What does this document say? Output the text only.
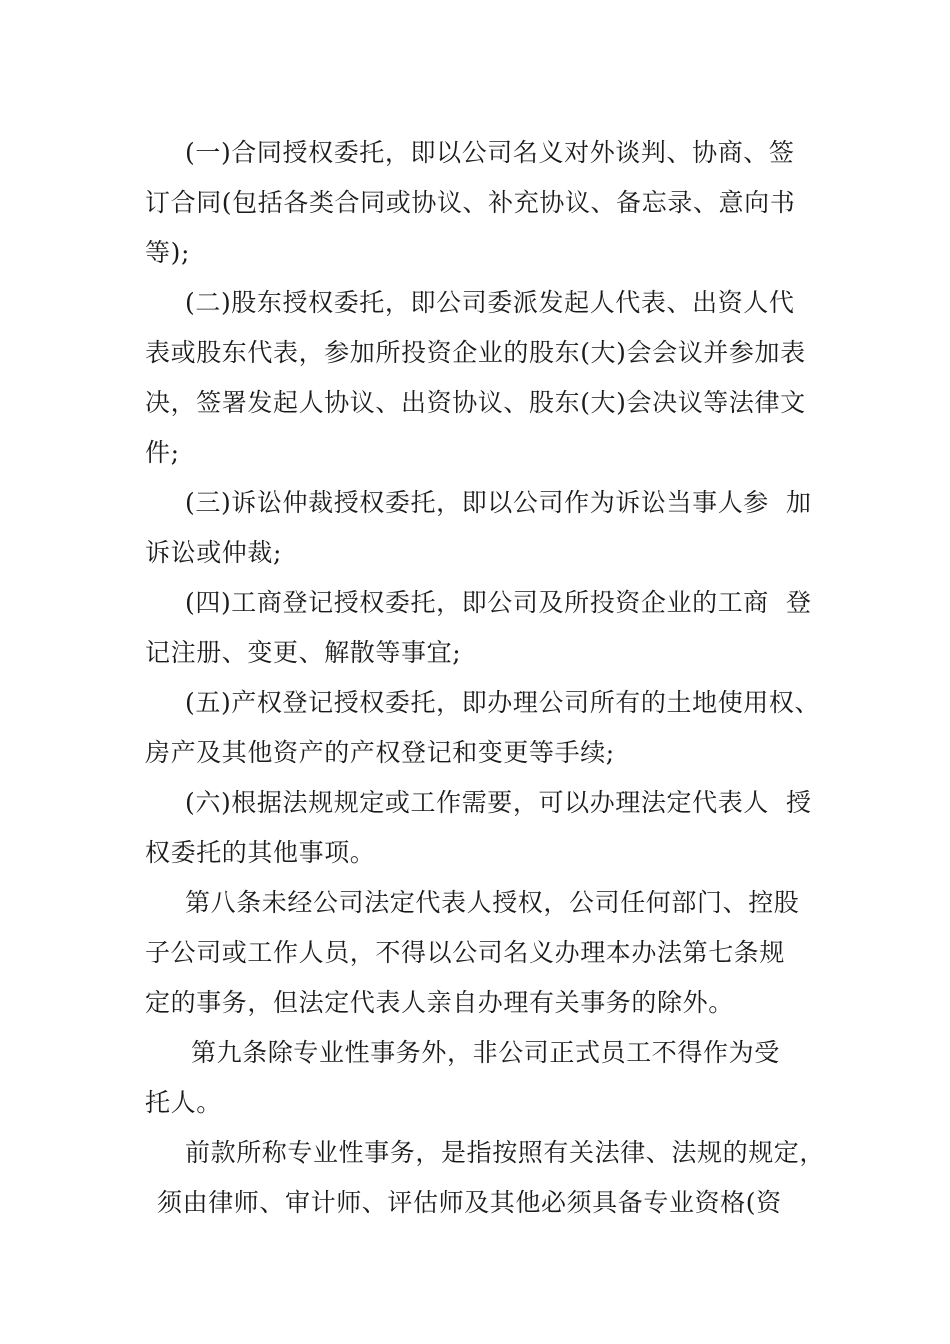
(一)合同授权委托，即以公司名义对外谈判、协商、签
订合同(包括各类合同或协议、补充协议、备忘录、意向书
等);
(二)股东授权委托，即公司委派发起人代表、出资人代
表或股东代表，参加所投资企业的股东(大)会会议并参加表
决，签署发起人协议、出资协议、股东(大)会决议等法律文
件;
(三)诉讼仲裁授权委托，即以公司作为诉讼当事人参  加
诉讼或仲裁;
(四)工商登记授权委托，即公司及所投资企业的工商  登
记注册、变更、解散等事宜;
(五)产权登记授权委托，即办理公司所有的土地使用权、
房产及其他资产的产权登记和变更等手续;
(六)根据法规规定或工作需要，可以办理法定代表人  授
权委托的其他事项。
第八条未经公司法定代表人授权，公司任何部门、控股
子公司或工作人员，不得以公司名义办理本办法第七条规
定的事务，但法定代表人亲自办理有关事务的除外。
第九条除专业性事务外，非公司正式员工不得作为受
托人。
前款所称专业性事务，是指按照有关法律、法规的规定，
须由律师、审计师、评估师及其他必须具备专业资格(资
